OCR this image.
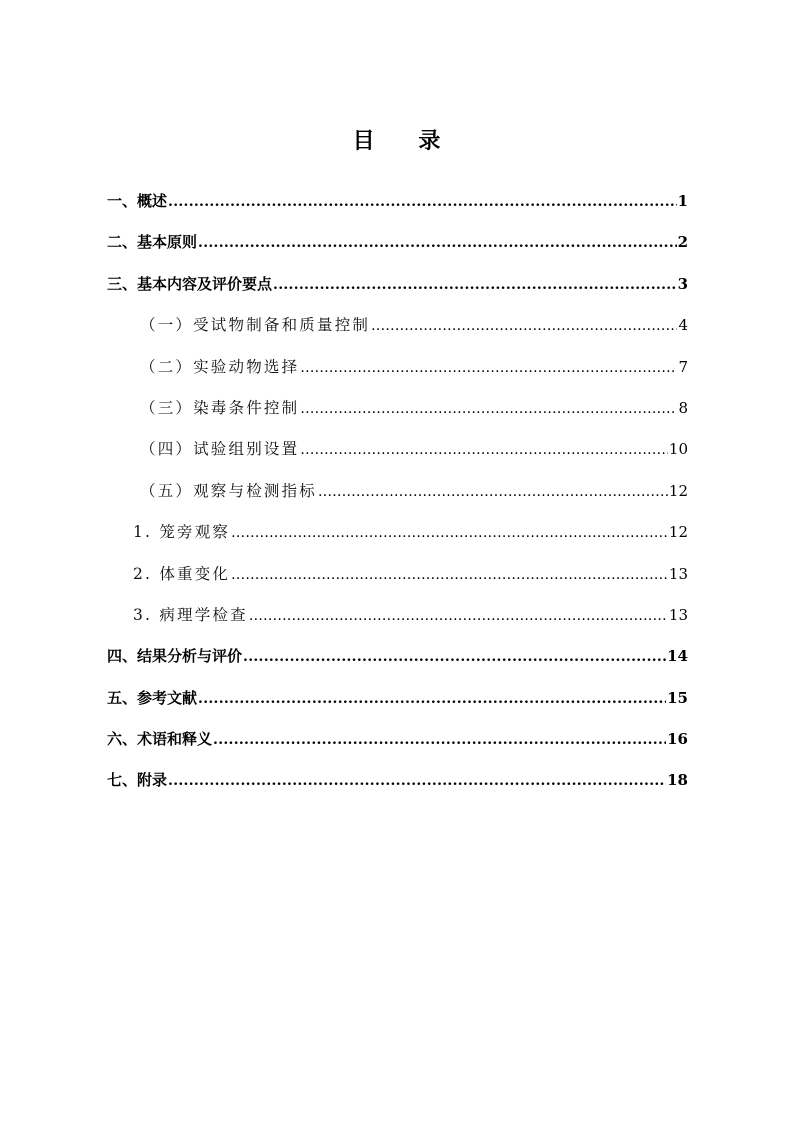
目 录
一、概述 .....	1
二、基本原则 .....	2
三、基本内容及评价要点 .....	3
（一）受试物制备和质量控制 .....	4
（二）实验动物选择 .....	7
（三）染毒条件控制 .....	8
（四）试验组别设置 .....	10
（五）观察与检测指标 .....	12
1. 笼旁观察 .....	12
2. 体重变化 .....	13
3. 病理学检查 .....	13
四、结果分析与评价 .....	14
五、参考文献 .....	15
六、术语和释义 .....	16
七、附录 .....	18
